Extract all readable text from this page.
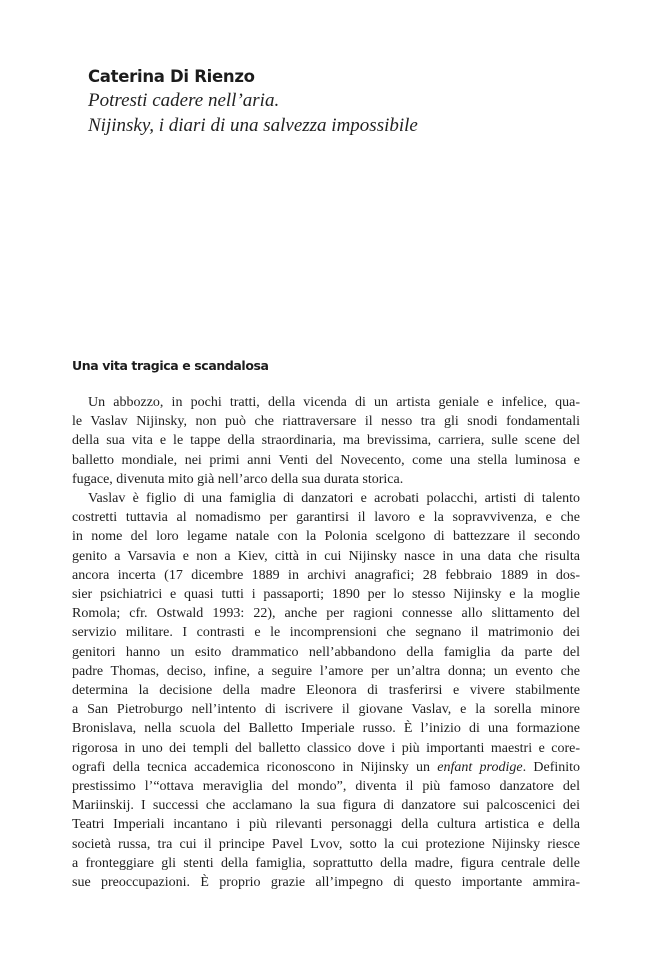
Caterina Di Rienzo
Potresti cadere nell’aria.
Nijinsky, i diari di una salvezza impossibile
Una vita tragica e scandalosa
Un abbozzo, in pochi tratti, della vicenda di un artista geniale e infelice, qua-
le Vaslav Nijinsky, non può che riattraversare il nesso tra gli snodi fondamentali
della sua vita e le tappe della straordinaria, ma brevissima, carriera, sulle scene del
balletto mondiale, nei primi anni Venti del Novecento, come una stella luminosa e
fugace, divenuta mito già nell’arco della sua durata storica.
Vaslav è figlio di una famiglia di danzatori e acrobati polacchi, artisti di talento
costretti tuttavia al nomadismo per garantirsi il lavoro e la sopravvivenza, e che
in nome del loro legame natale con la Polonia scelgono di battezzare il secondo
genito a Varsavia e non a Kiev, città in cui Nijinsky nasce in una data che risulta
ancora incerta (17 dicembre 1889 in archivi anagrafici; 28 febbraio 1889 in dos-
sier psichiatrici e quasi tutti i passaporti; 1890 per lo stesso Nijinsky e la moglie
Romola; cfr. Ostwald 1993: 22), anche per ragioni connesse allo slittamento del
servizio militare. I contrasti e le incomprensioni che segnano il matrimonio dei
genitori hanno un esito drammatico nell’abbandono della famiglia da parte del
padre Thomas, deciso, infine, a seguire l’amore per un’altra donna; un evento che
determina la decisione della madre Eleonora di trasferirsi e vivere stabilmente
a San Pietroburgo nell’intento di iscrivere il giovane Vaslav, e la sorella minore
Bronislava, nella scuola del Balletto Imperiale russo. È l’inizio di una formazione
rigorosa in uno dei templi del balletto classico dove i più importanti maestri e core-
ografi della tecnica accademica riconoscono in Nijinsky un enfant prodige. Definito
prestissimo l’“ottava meraviglia del mondo”, diventa il più famoso danzatore del
Mariinskij. I successi che acclamano la sua figura di danzatore sui palcoscenici dei
Teatri Imperiali incantano i più rilevanti personaggi della cultura artistica e della
società russa, tra cui il principe Pavel Lvov, sotto la cui protezione Nijinsky riesce
a fronteggiare gli stenti della famiglia, soprattutto della madre, figura centrale delle
sue preoccupazioni. È proprio grazie all’impegno di questo importante ammira-
